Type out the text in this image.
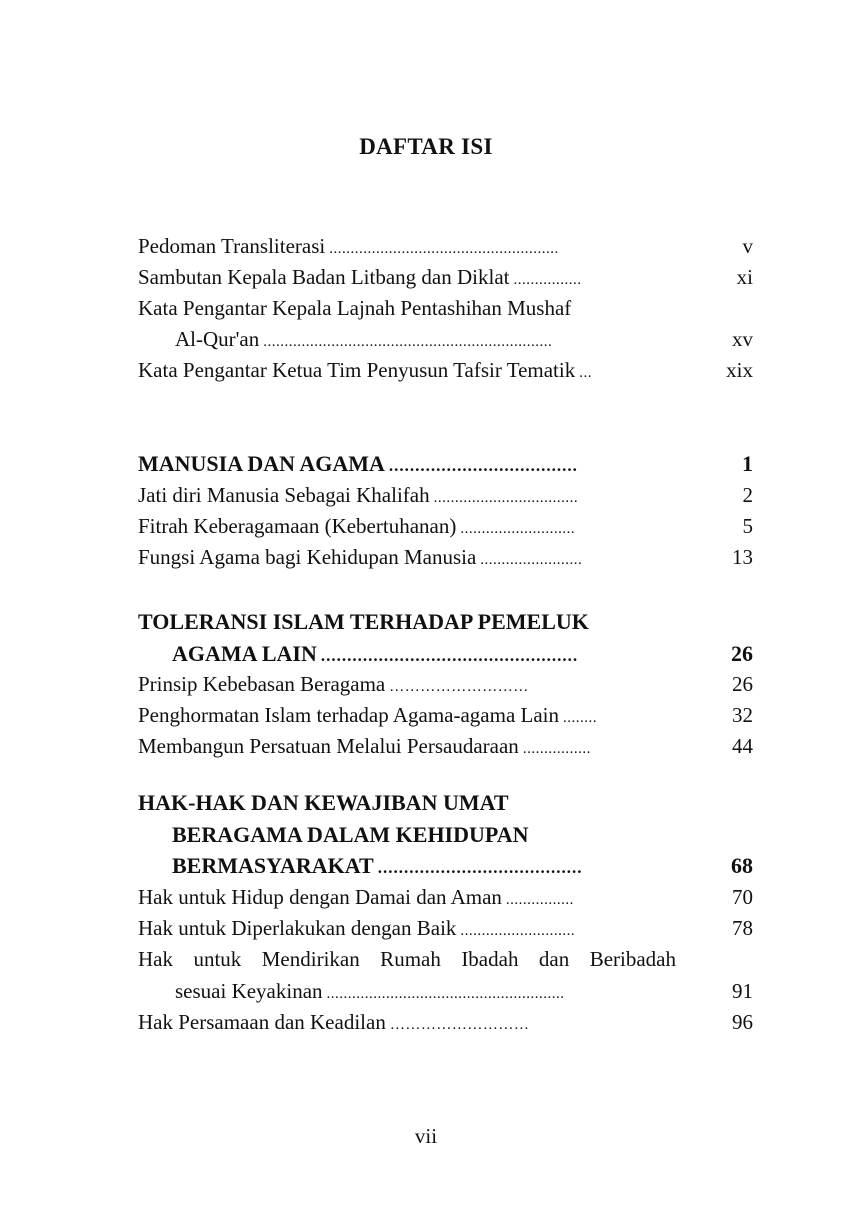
DAFTAR ISI
Pedoman Transliterasi ......................................................	v
Sambutan Kepala Badan Litbang dan Diklat ................	xi
Kata Pengantar Kepala Lajnah Pentashihan Mushaf
Al-Qur'an ....................................................................	xv
Kata Pengantar Ketua Tim Penyusun Tafsir Tematik ...	xix
MANUSIA DAN AGAMA ....................................	1
Jati diri Manusia Sebagai Khalifah ..................................	2
Fitrah Keberagamaan (Kebertuhanan) ...........................	5
Fungsi Agama bagi Kehidupan Manusia ........................	13
TOLERANSI ISLAM TERHADAP PEMELUK
AGAMA LAIN .................................................	26
Prinsip Kebebasan Beragama ………………………	26
Penghormatan Islam terhadap Agama-agama Lain ........	32
Membangun Persatuan Melalui Persaudaraan ................	44
HAK-HAK DAN KEWAJIBAN UMAT
BERAGAMA DALAM KEHIDUPAN
BERMASYARAKAT .......................................	68
Hak untuk Hidup dengan Damai dan Aman ................	70
Hak untuk Diperlakukan dengan Baik ...........................	78
Hak untuk Mendirikan Rumah Ibadah dan Beribadah
sesuai Keyakinan ........................................................	91
Hak Persamaan dan Keadilan ………………………	96
vii
